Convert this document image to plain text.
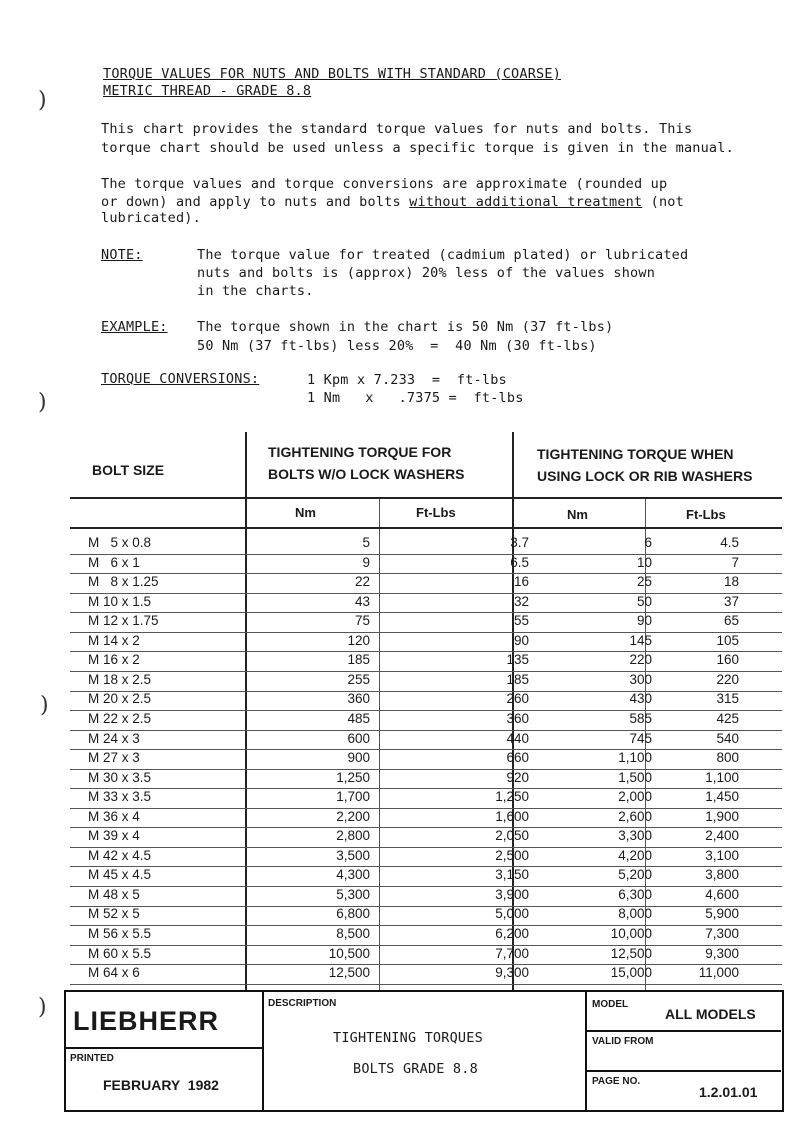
)
)
)
)
TORQUE VALUES FOR NUTS AND BOLTS WITH STANDARD (COARSE)
METRIC THREAD - GRADE 8.8
This chart provides the standard torque values for nuts and bolts. This
torque chart should be used unless a specific torque is given in the manual.
The torque values and torque conversions are approximate (rounded up
or down) and apply to nuts and bolts without additional treatment (not
lubricated).
NOTE:	The torque value for treated (cadmium plated) or lubricated
nuts and bolts is (approx) 20% less of the values shown
in the charts.
EXAMPLE: The torque shown in the chart is 50 Nm (37 ft-lbs)
50 Nm (37 ft-lbs) less 20%  =  40 Nm (30 ft-lbs)
TORQUE CONVERSIONS:	1 Kpm x 7.233  =  ft-lbs
1 Nm   x   .7375 =  ft-lbs
BOLT SIZE
TIGHTENING TORQUE FOR
BOLTS W/O LOCK WASHERS
TIGHTENING TORQUE WHEN
USING LOCK OR RIB WASHERS
Nm	Ft-Lbs	Nm	Ft-Lbs
M   5 x 0.8	5	3.7	6	4.5
M   6 x 1	9	6.5	10	7
M   8 x 1.25	22	16	25	18
M 10 x 1.5	43	32	50	37
M 12 x 1.75	75	55	90	65
M 14 x 2	120	90	145	105
M 16 x 2	185	135	220	160
M 18 x 2.5	255	185	300	220
M 20 x 2.5	360	260	430	315
M 22 x 2.5	485	360	585	425
M 24 x 3	600	440	745	540
M 27 x 3	900	660	1,100	800
M 30 x 3.5	1,250	920	1,500	1,100
M 33 x 3.5	1,700	1,250	2,000	1,450
M 36 x 4	2,200	1,600	2,600	1,900
M 39 x 4	2,800	2,050	3,300	2,400
M 42 x 4.5	3,500	2,500	4,200	3,100
M 45 x 4.5	4,300	3,150	5,200	3,800
M 48 x 5	5,300	3,900	6,300	4,600
M 52 x 5	6,800	5,000	8,000	5,900
M 56 x 5.5	8,500	6,200	10,000	7,300
M 60 x 5.5	10,500	7,700	12,500	9,300
M 64 x 6	12,500	9,300	15,000	11,000
LIEBHERR
PRINTED
FEBRUARY  1982
DESCRIPTION
TIGHTENING TORQUES
BOLTS GRADE 8.8
MODEL
ALL MODELS
VALID FROM
PAGE NO.
1.2.01.01
